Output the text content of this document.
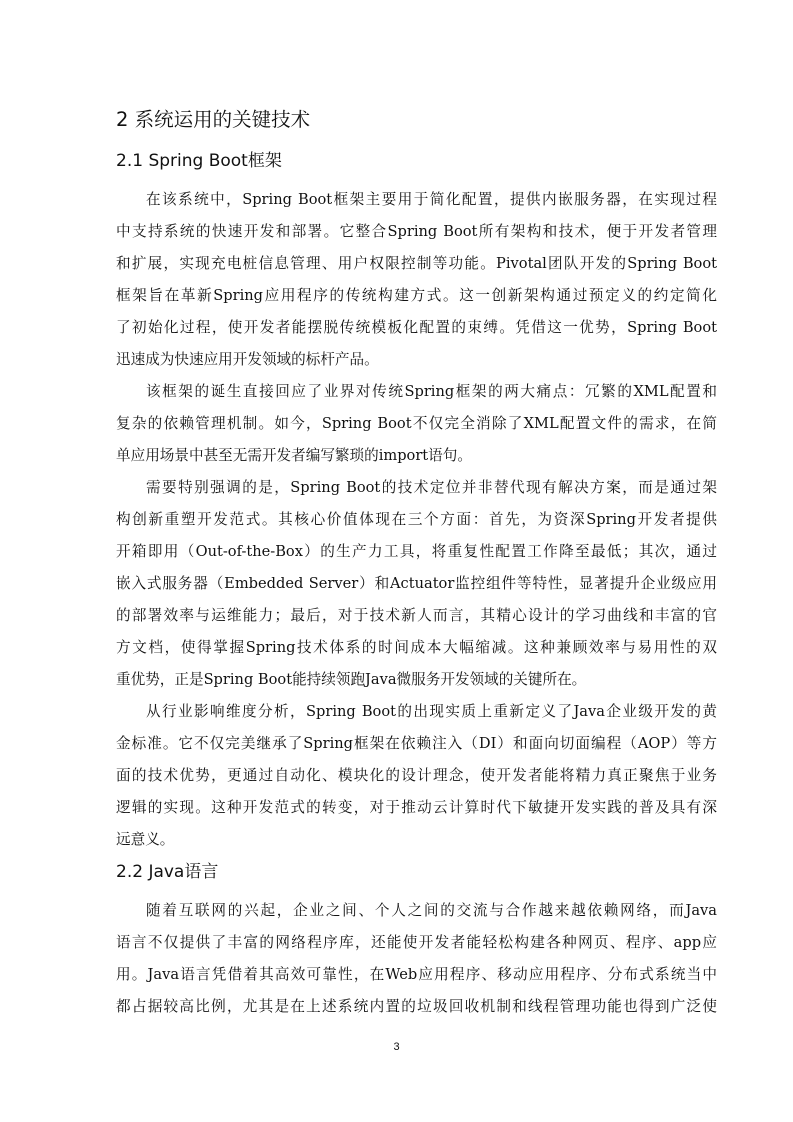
2 系统运用的关键技术
2.1 Spring Boot框架
在该系统中，Spring Boot框架主要用于简化配置，提供内嵌服务器，在实现过程
中支持系统的快速开发和部署。它整合Spring Boot所有架构和技术，便于开发者管理
和扩展，实现充电桩信息管理、用户权限控制等功能。Pivotal团队开发的Spring Boot
框架旨在革新Spring应用程序的传统构建方式。这一创新架构通过预定义的约定简化
了初始化过程，使开发者能摆脱传统模板化配置的束缚。凭借这一优势，Spring Boot
迅速成为快速应用开发领域的标杆产品。
该框架的诞生直接回应了业界对传统Spring框架的两大痛点：冗繁的XML配置和
复杂的依赖管理机制。如今，Spring Boot不仅完全消除了XML配置文件的需求，在简
单应用场景中甚至无需开发者编写繁琐的import语句。
需要特别强调的是，Spring Boot的技术定位并非替代现有解决方案，而是通过架
构创新重塑开发范式。其核心价值体现在三个方面：首先，为资深Spring开发者提供
开箱即用（Out-of-the-Box）的生产力工具，将重复性配置工作降至最低；其次，通过
嵌入式服务器（Embedded Server）和Actuator监控组件等特性，显著提升企业级应用
的部署效率与运维能力；最后，对于技术新人而言，其精心设计的学习曲线和丰富的官
方文档，使得掌握Spring技术体系的时间成本大幅缩减。这种兼顾效率与易用性的双
重优势，正是Spring Boot能持续领跑Java微服务开发领域的关键所在。
从行业影响维度分析，Spring Boot的出现实质上重新定义了Java企业级开发的黄
金标准。它不仅完美继承了Spring框架在依赖注入（DI）和面向切面编程（AOP）等方
面的技术优势，更通过自动化、模块化的设计理念，使开发者能将精力真正聚焦于业务
逻辑的实现。这种开发范式的转变，对于推动云计算时代下敏捷开发实践的普及具有深
远意义。
2.2 Java语言
随着互联网的兴起，企业之间、个人之间的交流与合作越来越依赖网络，而Java
语言不仅提供了丰富的网络程序库，还能使开发者能轻松构建各种网页、程序、app应
用。Java语言凭借着其高效可靠性，在Web应用程序、移动应用程序、分布式系统当中
都占据较高比例，尤其是在上述系统内置的垃圾回收机制和线程管理功能也得到广泛使
3
